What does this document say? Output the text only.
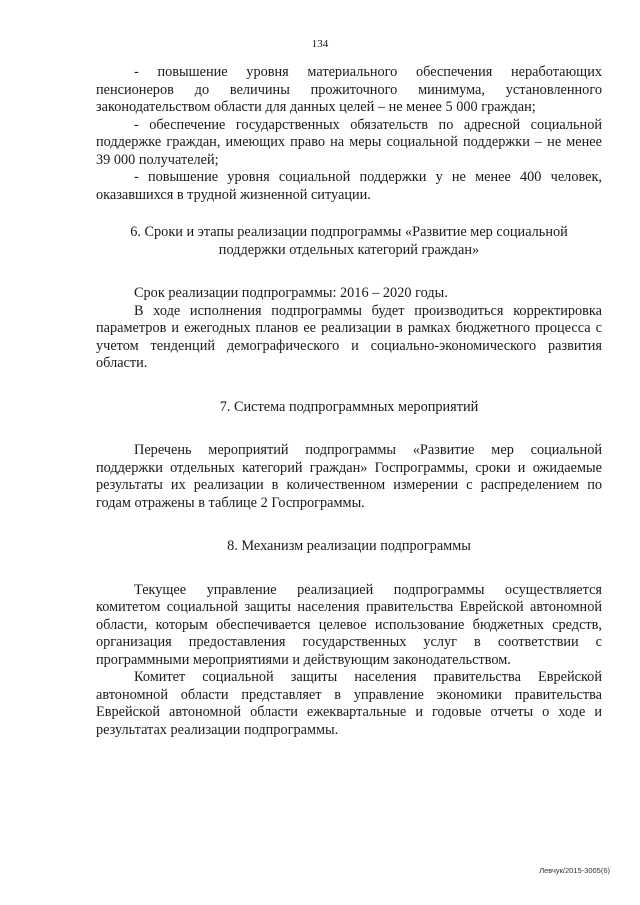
134

- повышение уровня материального обеспечения неработающих пенсионеров до величины прожиточного минимума, установленного законодательством области для данных целей – не менее 5 000 граждан;

- обеспечение государственных обязательств по адресной социальной поддержке граждан, имеющих право на меры социальной поддержки – не менее 39 000 получателей;

- повышение уровня социальной поддержки у не менее 400 человек, оказавшихся в трудной жизненной ситуации.

6. Сроки и этапы реализации подпрограммы «Развитие мер социальной поддержки отдельных категорий граждан»

Срок реализации подпрограммы: 2016 – 2020 годы.

В ходе исполнения подпрограммы будет производиться корректировка параметров и ежегодных планов ее реализации в рамках бюджетного процесса с учетом тенденций демографического и социально-экономического развития области.

7. Система подпрограммных мероприятий

Перечень мероприятий подпрограммы «Развитие мер социальной поддержки отдельных категорий граждан» Госпрограммы, сроки и ожидаемые результаты их реализации в количественном измерении с распределением по годам отражены в таблице 2 Госпрограммы.

8. Механизм реализации подпрограммы

Текущее управление реализацией подпрограммы осуществляется комитетом социальной защиты населения правительства Еврейской автономной области, которым обеспечивается целевое использование бюджетных средств, организация предоставления государственных услуг в соответствии с программными мероприятиями и действующим законодательством.

Комитет социальной защиты населения правительства Еврейской автономной области представляет в управление экономики правительства Еврейской автономной области ежеквартальные и годовые отчеты о ходе и результатах реализации подпрограммы.

Левчук/2015-3005(6)
